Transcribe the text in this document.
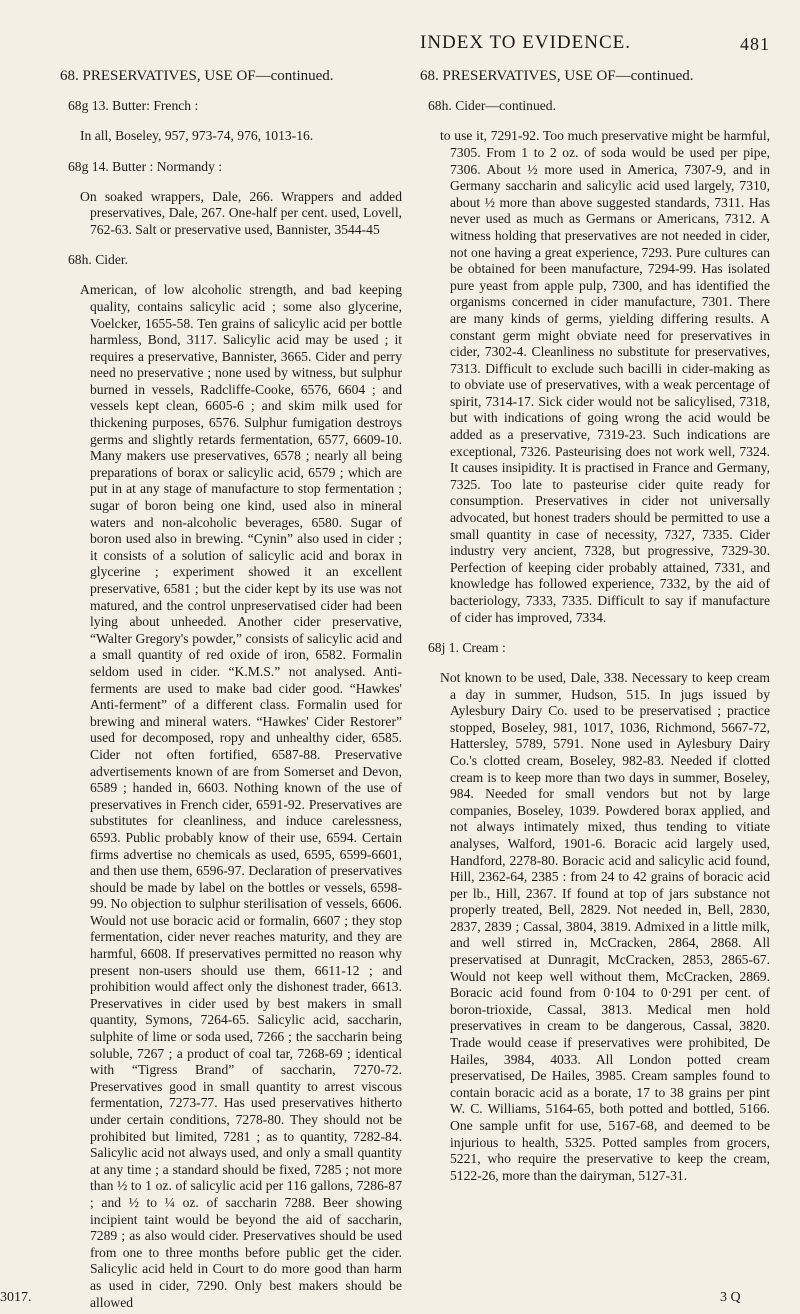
INDEX TO EVIDENCE.	481

68. PRESERVATIVES, USE OF—continued.

68g 13. Butter: French :

In all, Boseley, 957, 973-74, 976, 1013-16.

68g 14. Butter : Normandy :

On soaked wrappers, Dale, 266. Wrappers and added preservatives, Dale, 267. One-half per cent. used, Lovell, 762-63. Salt or preservative used, Bannister, 3544-45

68h. Cider.

American, of low alcoholic strength, and bad keeping quality, contains salicylic acid ; some also glycerine, Voelcker, 1655-58. Ten grains of salicylic acid per bottle harmless, Bond, 3117. Salicylic acid may be used ; it requires a preservative, Bannister, 3665. Cider and perry need no preservative ; none used by witness, but sulphur burned in vessels, Radcliffe-Cooke, 6576, 6604 ; and vessels kept clean, 6605-6 ; and skim milk used for thickening purposes, 6576. Sulphur fumigation destroys germs and slightly retards fermentation, 6577, 6609-10. Many makers use preservatives, 6578 ; nearly all being preparations of borax or salicylic acid, 6579 ; which are put in at any stage of manufacture to stop fermentation ; sugar of boron being one kind, used also in mineral waters and non-alcoholic beverages, 6580. Sugar of boron used also in brewing. “Cynin” also used in cider ; it consists of a solution of salicylic acid and borax in glycerine ; experiment showed it an excellent preservative, 6581 ; but the cider kept by its use was not matured, and the control unpreservatised cider had been lying about unheeded. Another cider preservative, “Walter Gregory's powder,” consists of salicylic acid and a small quantity of red oxide of iron, 6582. Formalin seldom used in cider. “K.M.S.” not analysed. Anti-ferments are used to make bad cider good. “Hawkes' Anti-ferment” of a different class. Formalin used for brewing and mineral waters. “Hawkes' Cider Restorer” used for decomposed, ropy and unhealthy cider, 6585. Cider not often fortified, 6587-88. Preservative advertisements known of are from Somerset and Devon, 6589 ; handed in, 6603. Nothing known of the use of preservatives in French cider, 6591-92. Preservatives are substitutes for cleanliness, and induce carelessness, 6593. Public probably know of their use, 6594. Certain firms advertise no chemicals as used, 6595, 6599-6601, and then use them, 6596-97. Declaration of preservatives should be made by label on the bottles or vessels, 6598-99. No objection to sulphur sterilisation of vessels, 6606. Would not use boracic acid or formalin, 6607 ; they stop fermentation, cider never reaches maturity, and they are harmful, 6608. If preservatives permitted no reason why present non-users should use them, 6611-12 ; and prohibition would affect only the dishonest trader, 6613. Preservatives in cider used by best makers in small quantity, Symons, 7264-65. Salicylic acid, saccharin, sulphite of lime or soda used, 7266 ; the saccharin being soluble, 7267 ; a product of coal tar, 7268-69 ; identical with “Tigress Brand” of saccharin, 7270-72. Preservatives good in small quantity to arrest viscous fermentation, 7273-77. Has used preservatives hitherto under certain conditions, 7278-80. They should not be prohibited but limited, 7281 ; as to quantity, 7282-84. Salicylic acid not always used, and only a small quantity at any time ; a standard should be fixed, 7285 ; not more than ½ to 1 oz. of salicylic acid per 116 gallons, 7286-87 ; and ½ to ¼ oz. of saccharin 7288. Beer showing incipient taint would be beyond the aid of saccharin, 7289 ; as also would cider. Preservatives should be used from one to three months before public get the cider. Salicylic acid held in Court to do more good than harm as used in cider, 7290. Only best makers should be allowed

68. PRESERVATIVES, USE OF—continued.

68h. Cider—continued.

to use it, 7291-92. Too much preservative might be harmful, 7305. From 1 to 2 oz. of soda would be used per pipe, 7306. About ½ more used in America, 7307-9, and in Germany saccharin and salicylic acid used largely, 7310, about ½ more than above suggested standards, 7311. Has never used as much as Germans or Americans, 7312. A witness holding that preservatives are not needed in cider, not one having a great experience, 7293. Pure cultures can be obtained for been manufacture, 7294-99. Has isolated pure yeast from apple pulp, 7300, and has identified the organisms concerned in cider manufacture, 7301. There are many kinds of germs, yielding differing results. A constant germ might obviate need for preservatives in cider, 7302-4. Cleanliness no substitute for preservatives, 7313. Difficult to exclude such bacilli in cider-making as to obviate use of preservatives, with a weak percentage of spirit, 7314-17. Sick cider would not be salicylised, 7318, but with indications of going wrong the acid would be added as a preservative, 7319-23. Such indications are exceptional, 7326. Pasteurising does not work well, 7324. It causes insipidity. It is practised in France and Germany, 7325. Too late to pasteurise cider quite ready for consumption. Preservatives in cider not universally advocated, but honest traders should be permitted to use a small quantity in case of necessity, 7327, 7335. Cider industry very ancient, 7328, but progressive, 7329-30. Perfection of keeping cider probably attained, 7331, and knowledge has followed experience, 7332, by the aid of bacteriology, 7333, 7335. Difficult to say if manufacture of cider has improved, 7334.

68j 1. Cream :

Not known to be used, Dale, 338. Necessary to keep cream a day in summer, Hudson, 515. In jugs issued by Aylesbury Dairy Co. used to be preservatised ; practice stopped, Boseley, 981, 1017, 1036, Richmond, 5667-72, Hattersley, 5789, 5791. None used in Aylesbury Dairy Co.'s clotted cream, Boseley, 982-83. Needed if clotted cream is to keep more than two days in summer, Boseley, 984. Needed for small vendors but not by large companies, Boseley, 1039. Powdered borax applied, and not always intimately mixed, thus tending to vitiate analyses, Walford, 1901-6. Boracic acid largely used, Handford, 2278-80. Boracic acid and salicylic acid found, Hill, 2362-64, 2385 : from 24 to 42 grains of boracic acid per lb., Hill, 2367. If found at top of jars substance not properly treated, Bell, 2829. Not needed in, Bell, 2830, 2837, 2839 ; Cassal, 3804, 3819. Admixed in a little milk, and well stirred in, McCracken, 2864, 2868. All preservatised at Dunragit, McCracken, 2853, 2865-67. Would not keep well without them, McCracken, 2869. Boracic acid found from 0·104 to 0·291 per cent. of boron-trioxide, Cassal, 3813. Medical men hold preservatives in cream to be dangerous, Cassal, 3820. Trade would cease if preservatives were prohibited, De Hailes, 3984, 4033. All London potted cream preservatised, De Hailes, 3985. Cream samples found to contain boracic acid as a borate, 17 to 38 grains per pint W. C. Williams, 5164-65, both potted and bottled, 5166. One sample unfit for use, 5167-68, and deemed to be injurious to health, 5325. Potted samples from grocers, 5221, who require the preservative to keep the cream, 5122-26, more than the dairyman, 5127-31.

3017.	3 Q
